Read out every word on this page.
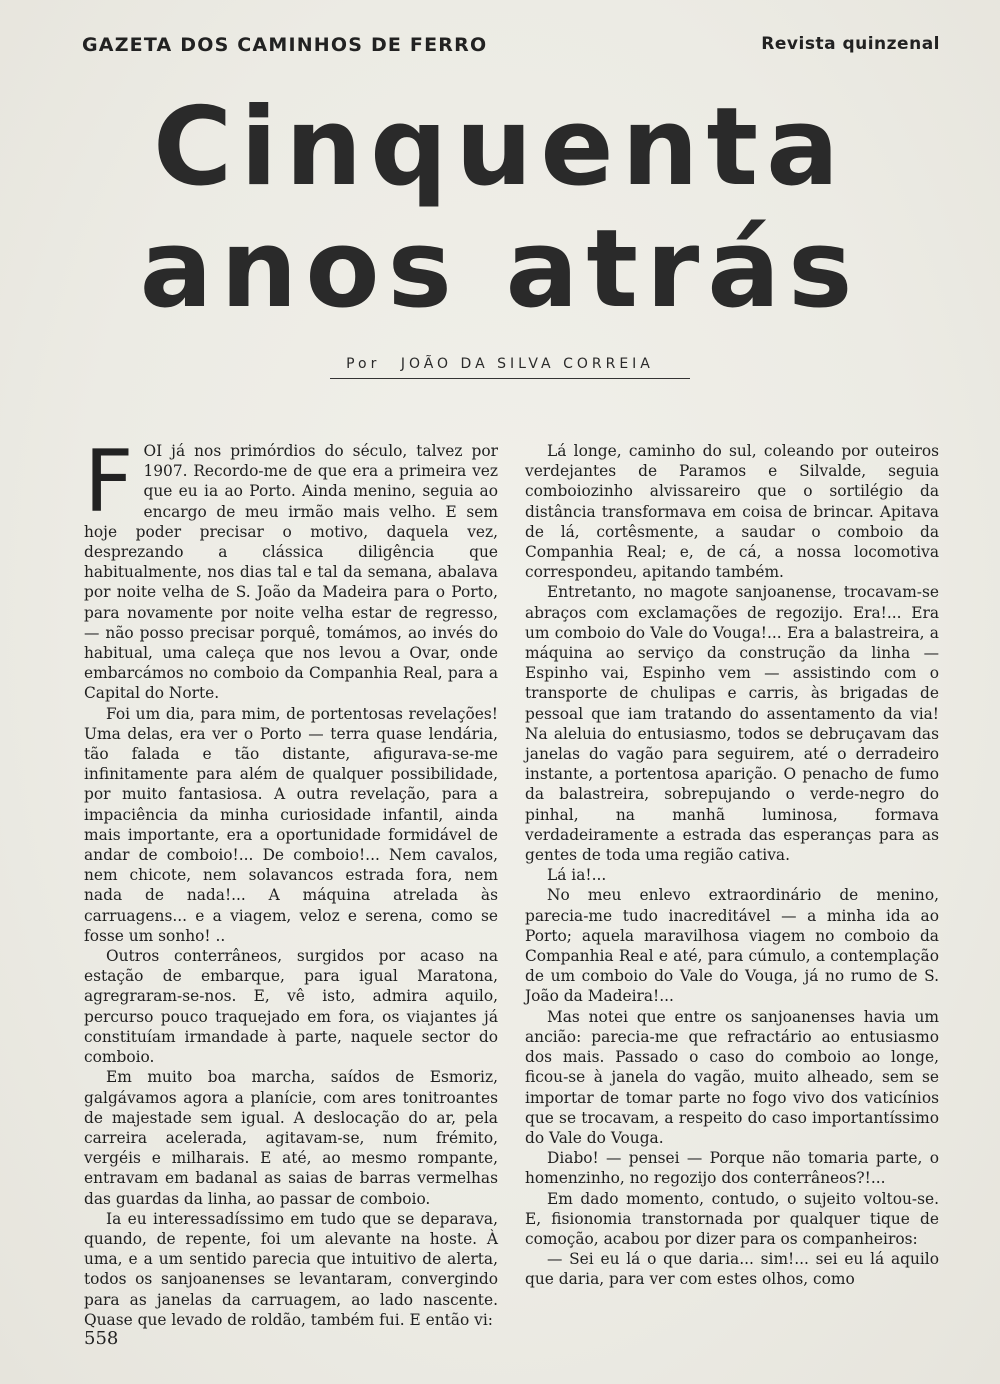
GAZETA DOS CAMINHOS DE FERRO	Revista quinzenal
Cinquenta
anos atrás
Por JOÃO DA SILVA CORREIA

FOI já nos primórdios do século, talvez por 1907. Recordo-me de que era a primeira vez que eu ia ao Porto. Ainda menino, seguia ao encargo de meu irmão mais velho. E sem hoje poder precisar o motivo, daquela vez, desprezando a clássica diligência que habitualmente, nos dias tal e tal da semana, abalava por noite velha de S. João da Madeira para o Porto, para novamente por noite velha estar de regresso, — não posso precisar porquê, tomámos, ao invés do habitual, uma caleça que nos levou a Ovar, onde embarcámos no comboio da Companhia Real, para a Capital do Norte.

Foi um dia, para mim, de portentosas revelações! Uma delas, era ver o Porto — terra quase lendária, tão falada e tão distante, afigurava-se-me infinitamente para além de qualquer possibilidade, por muito fantasiosa. A outra revelação, para a impaciência da minha curiosidade infantil, ainda mais importante, era a oportunidade formidável de andar de comboio!... De comboio!... Nem cavalos, nem chicote, nem solavancos estrada fora, nem nada de nada!... A máquina atrelada às carruagens... e a viagem, veloz e serena, como se fosse um sonho! ..

Outros conterrâneos, surgidos por acaso na estação de embarque, para igual Maratona, agregraram-se-nos. E, vê isto, admira aquilo, percurso pouco traquejado em fora, os viajantes já constituíam irmandade à parte, naquele sector do comboio.

Em muito boa marcha, saídos de Esmoriz, galgávamos agora a planície, com ares tonitroantes de majestade sem igual. A deslocação do ar, pela carreira acelerada, agitavam-se, num frémito, vergéis e milharais. E até, ao mesmo rompante, entravam em badanal as saias de barras vermelhas das guardas da linha, ao passar de comboio.

Ia eu interessadíssimo em tudo que se deparava, quando, de repente, foi um alevante na hoste. À uma, e a um sentido parecia que intuitivo de alerta, todos os sanjoanenses se levantaram, convergindo para as janelas da carruagem, ao lado nascente. Quase que levado de roldão, também fui. E então vi:

Lá longe, caminho do sul, coleando por outeiros verdejantes de Paramos e Silvalde, seguia comboiozinho alvissareiro que o sortilégio da distância transformava em coisa de brincar. Apitava de lá, cortêsmente, a saudar o comboio da Companhia Real; e, de cá, a nossa locomotiva correspondeu, apitando também.

Entretanto, no magote sanjoanense, trocavam-se abraços com exclamações de regozijo. Era!... Era um comboio do Vale do Vouga!... Era a balastreira, a máquina ao serviço da construção da linha — Espinho vai, Espinho vem — assistindo com o transporte de chulipas e carris, às brigadas de pessoal que iam tratando do assentamento da via! Na aleluia do entusiasmo, todos se debruçavam das janelas do vagão para seguirem, até o derradeiro instante, a portentosa aparição. O penacho de fumo da balastreira, sobrepujando o verde-negro do pinhal, na manhã luminosa, formava verdadeiramente a estrada das esperanças para as gentes de toda uma região cativa.

Lá ia!...

No meu enlevo extraordinário de menino, parecia-me tudo inacreditável — a minha ida ao Porto; aquela maravilhosa viagem no comboio da Companhia Real e até, para cúmulo, a contemplação de um comboio do Vale do Vouga, já no rumo de S. João da Madeira!...

Mas notei que entre os sanjoanenses havia um ancião: parecia-me que refractário ao entusiasmo dos mais. Passado o caso do comboio ao longe, ficou-se à janela do vagão, muito alheado, sem se importar de tomar parte no fogo vivo dos vaticínios que se trocavam, a respeito do caso importantíssimo do Vale do Vouga.

Diabo! — pensei — Porque não tomaria parte, o homenzinho, no regozijo dos conterrâneos?!...

Em dado momento, contudo, o sujeito voltou-se. E, fisionomia transtornada por qualquer tique de comoção, acabou por dizer para os companheiros:

— Sei eu lá o que daria... sim!... sei eu lá aquilo que daria, para ver com estes olhos, como

558
